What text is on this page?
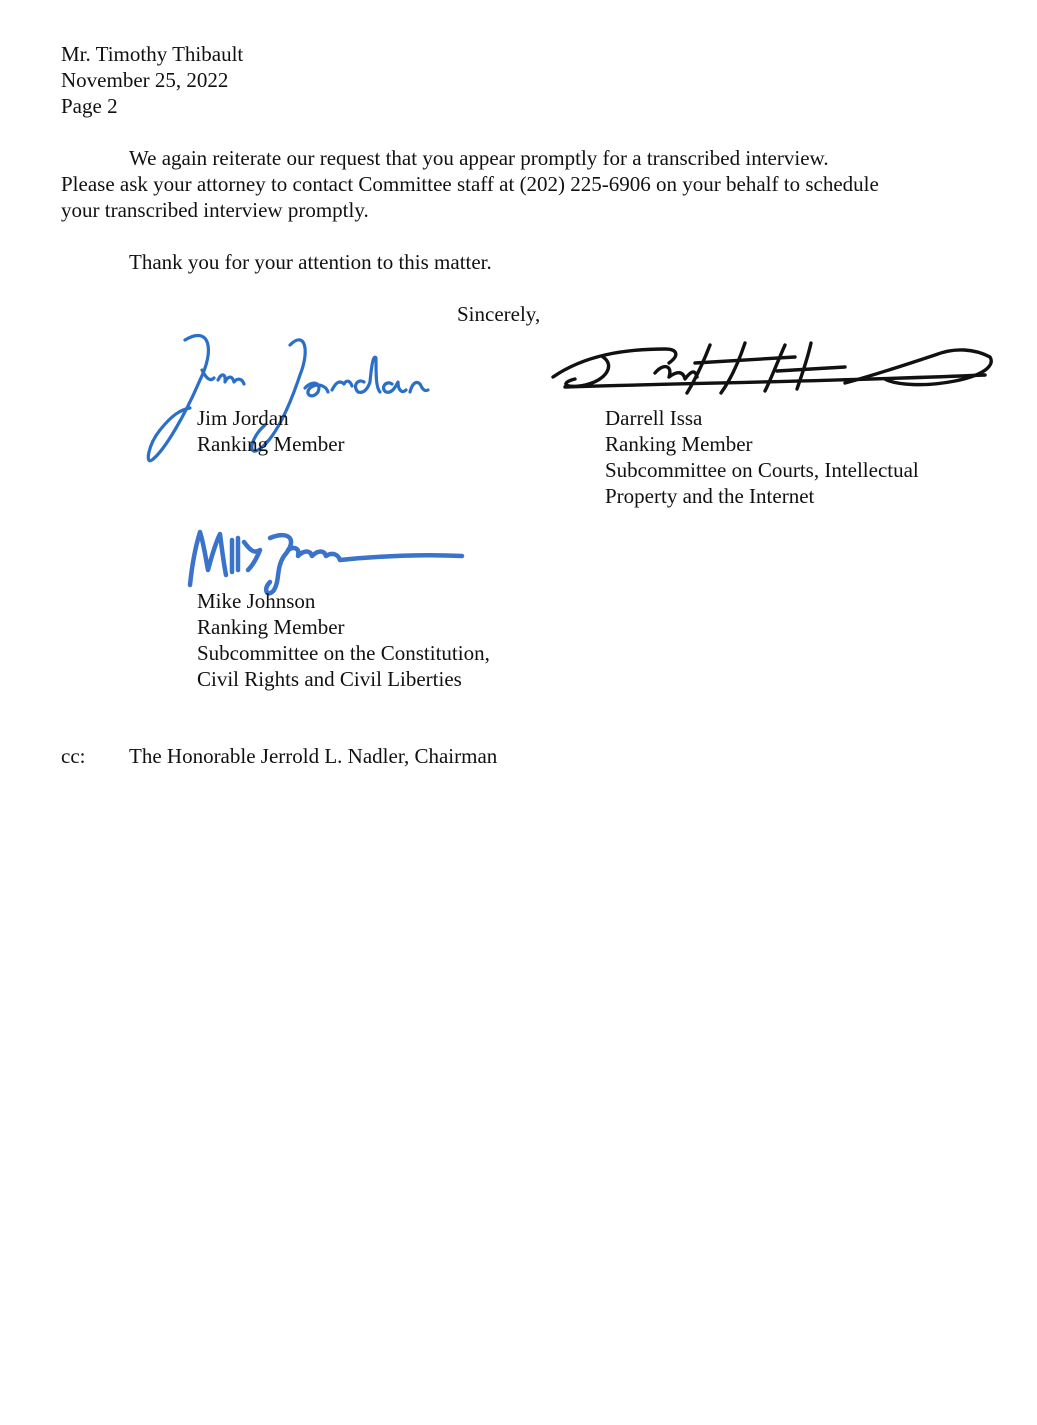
Mr. Timothy Thibault
November 25, 2022
Page 2
We again reiterate our request that you appear promptly for a transcribed interview.
Please ask your attorney to contact Committee staff at (202) 225-6906 on your behalf to schedule
your transcribed interview promptly.
Thank you for your attention to this matter.
Sincerely,
Jim Jordan
Ranking Member
Darrell Issa
Ranking Member
Subcommittee on Courts, Intellectual
Property and the Internet
Mike Johnson
Ranking Member
Subcommittee on the Constitution,
Civil Rights and Civil Liberties
cc: The Honorable Jerrold L. Nadler, Chairman
